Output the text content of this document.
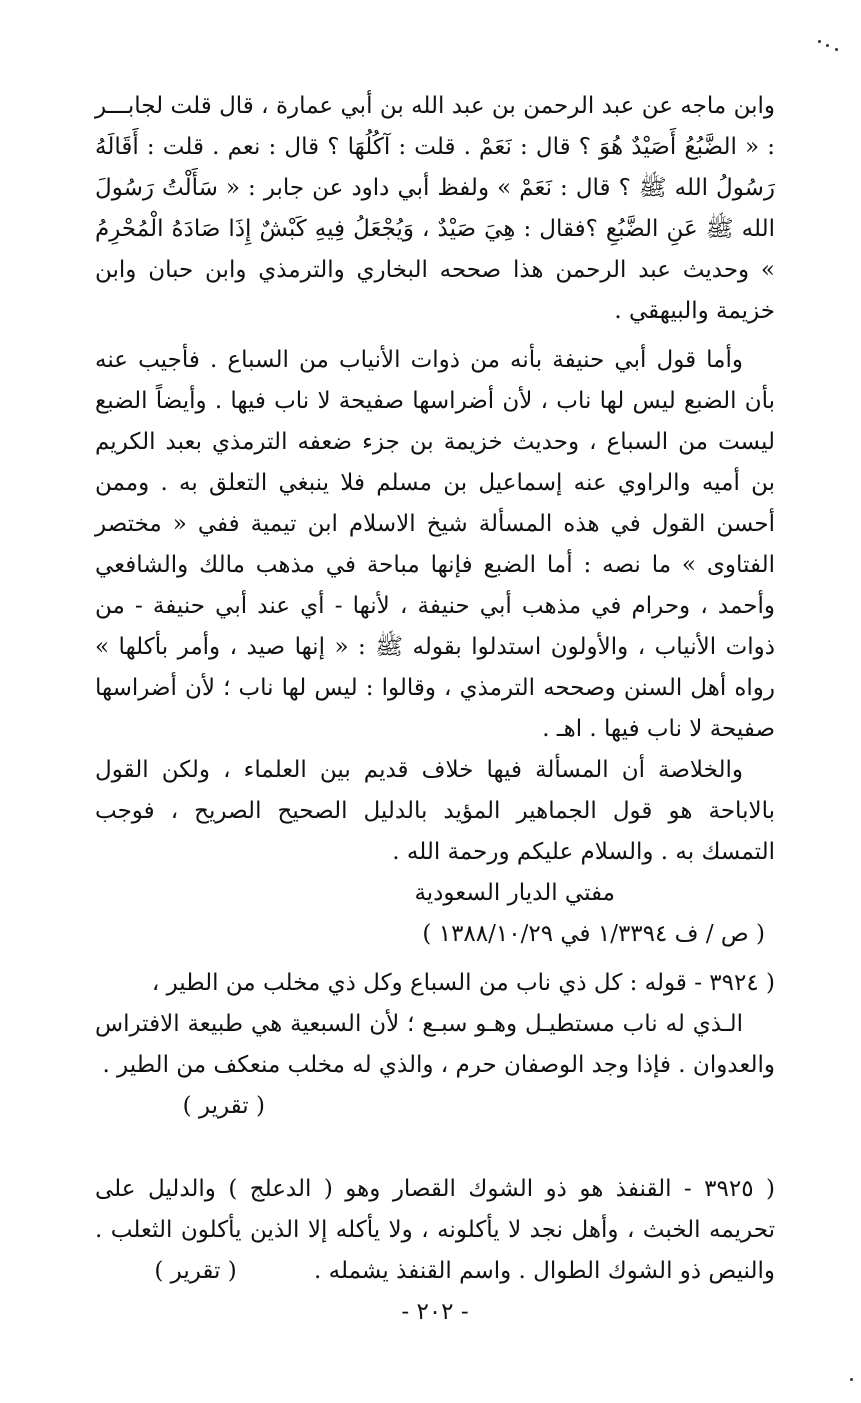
وابن ماجه عن عبد الرحمن بن عبد الله بن أبي عمارة ، قال قلت لجابـــر : « الضَّبُعُ أَصَيْدٌ هُوَ ؟ قال : نَعَمْ . قلت : آكُلُهَا ؟ قال : نعم . قلت : أَقَالَهُ رَسُولُ الله ﷺ ؟ قال : نَعَمْ » ولفظ أبي داود عن جابر : « سَأَلْتُ رَسُولَ الله ﷺ عَنِ الضَّبُعِ ؟فقال : هِيَ صَيْدٌ ، وَيُجْعَلُ فِيهِ كَبْشٌ إِذَا صَادَهُ الْمُحْرِمُ » وحديث عبد الرحمن هذا صححه البخاري والترمذي وابن حبان وابن خزيمة والبيهقي .

وأما قول أبي حنيفة بأنه من ذوات الأنياب من السباع . فأجيب عنه بأن الضبع ليس لها ناب ، لأن أضراسها صفيحة لا ناب فيها . وأيضاً الضبع ليست من السباع ، وحديث خزيمة بن جزء ضعفه الترمذي بعبد الكريم بن أميه والراوي عنه إسماعيل بن مسلم فلا ينبغي التعلق به . وممن أحسن القول في هذه المسألة شيخ الاسلام ابن تيمية ففي « مختصر الفتاوى » ما نصه : أما الضبع فإنها مباحة في مذهب مالك والشافعي وأحمد ، وحرام في مذهب أبي حنيفة ، لأنها - أي عند أبي حنيفة - من ذوات الأنياب ، والأولون استدلوا بقوله ﷺ : « إنها صيد ، وأمر بأكلها » رواه أهل السنن وصححه الترمذي ، وقالوا : ليس لها ناب ؛ لأن أضراسها صفيحة لا ناب فيها . اهـ .

والخلاصة أن المسألة فيها خلاف قديم بين العلماء ، ولكن القول بالاباحة هو قول الجماهير المؤيد بالدليل الصحيح الصريح ، فوجب التمسك به . والسلام عليكم ورحمة الله .

مفتي الديار السعودية

( ص / ف ١/٣٣٩٤ في ١٣٨٨/١٠/٢٩ )

( ٣٩٢٤ - قوله : كل ذي ناب من السباع وكل ذي مخلب من الطير ،

الـذي له ناب مستطيـل وهـو سبـع ؛ لأن السبعية هي طبيعة الافتراس والعدوان . فإذا وجد الوصفان حرم ، والذي له مخلب منعكف من الطير .

( تقرير )

( ٣٩٢٥ - القنفذ هو ذو الشوك القصار وهو ( الدعلج ) والدليل على تحريمه الخبث ، وأهل نجد لا يأكلونه ، ولا يأكله إلا الذين يأكلون الثعلب . والنيص ذو الشوك الطوال . واسم القنفذ يشمله . ( تقرير )

- ٢٠٢ -
